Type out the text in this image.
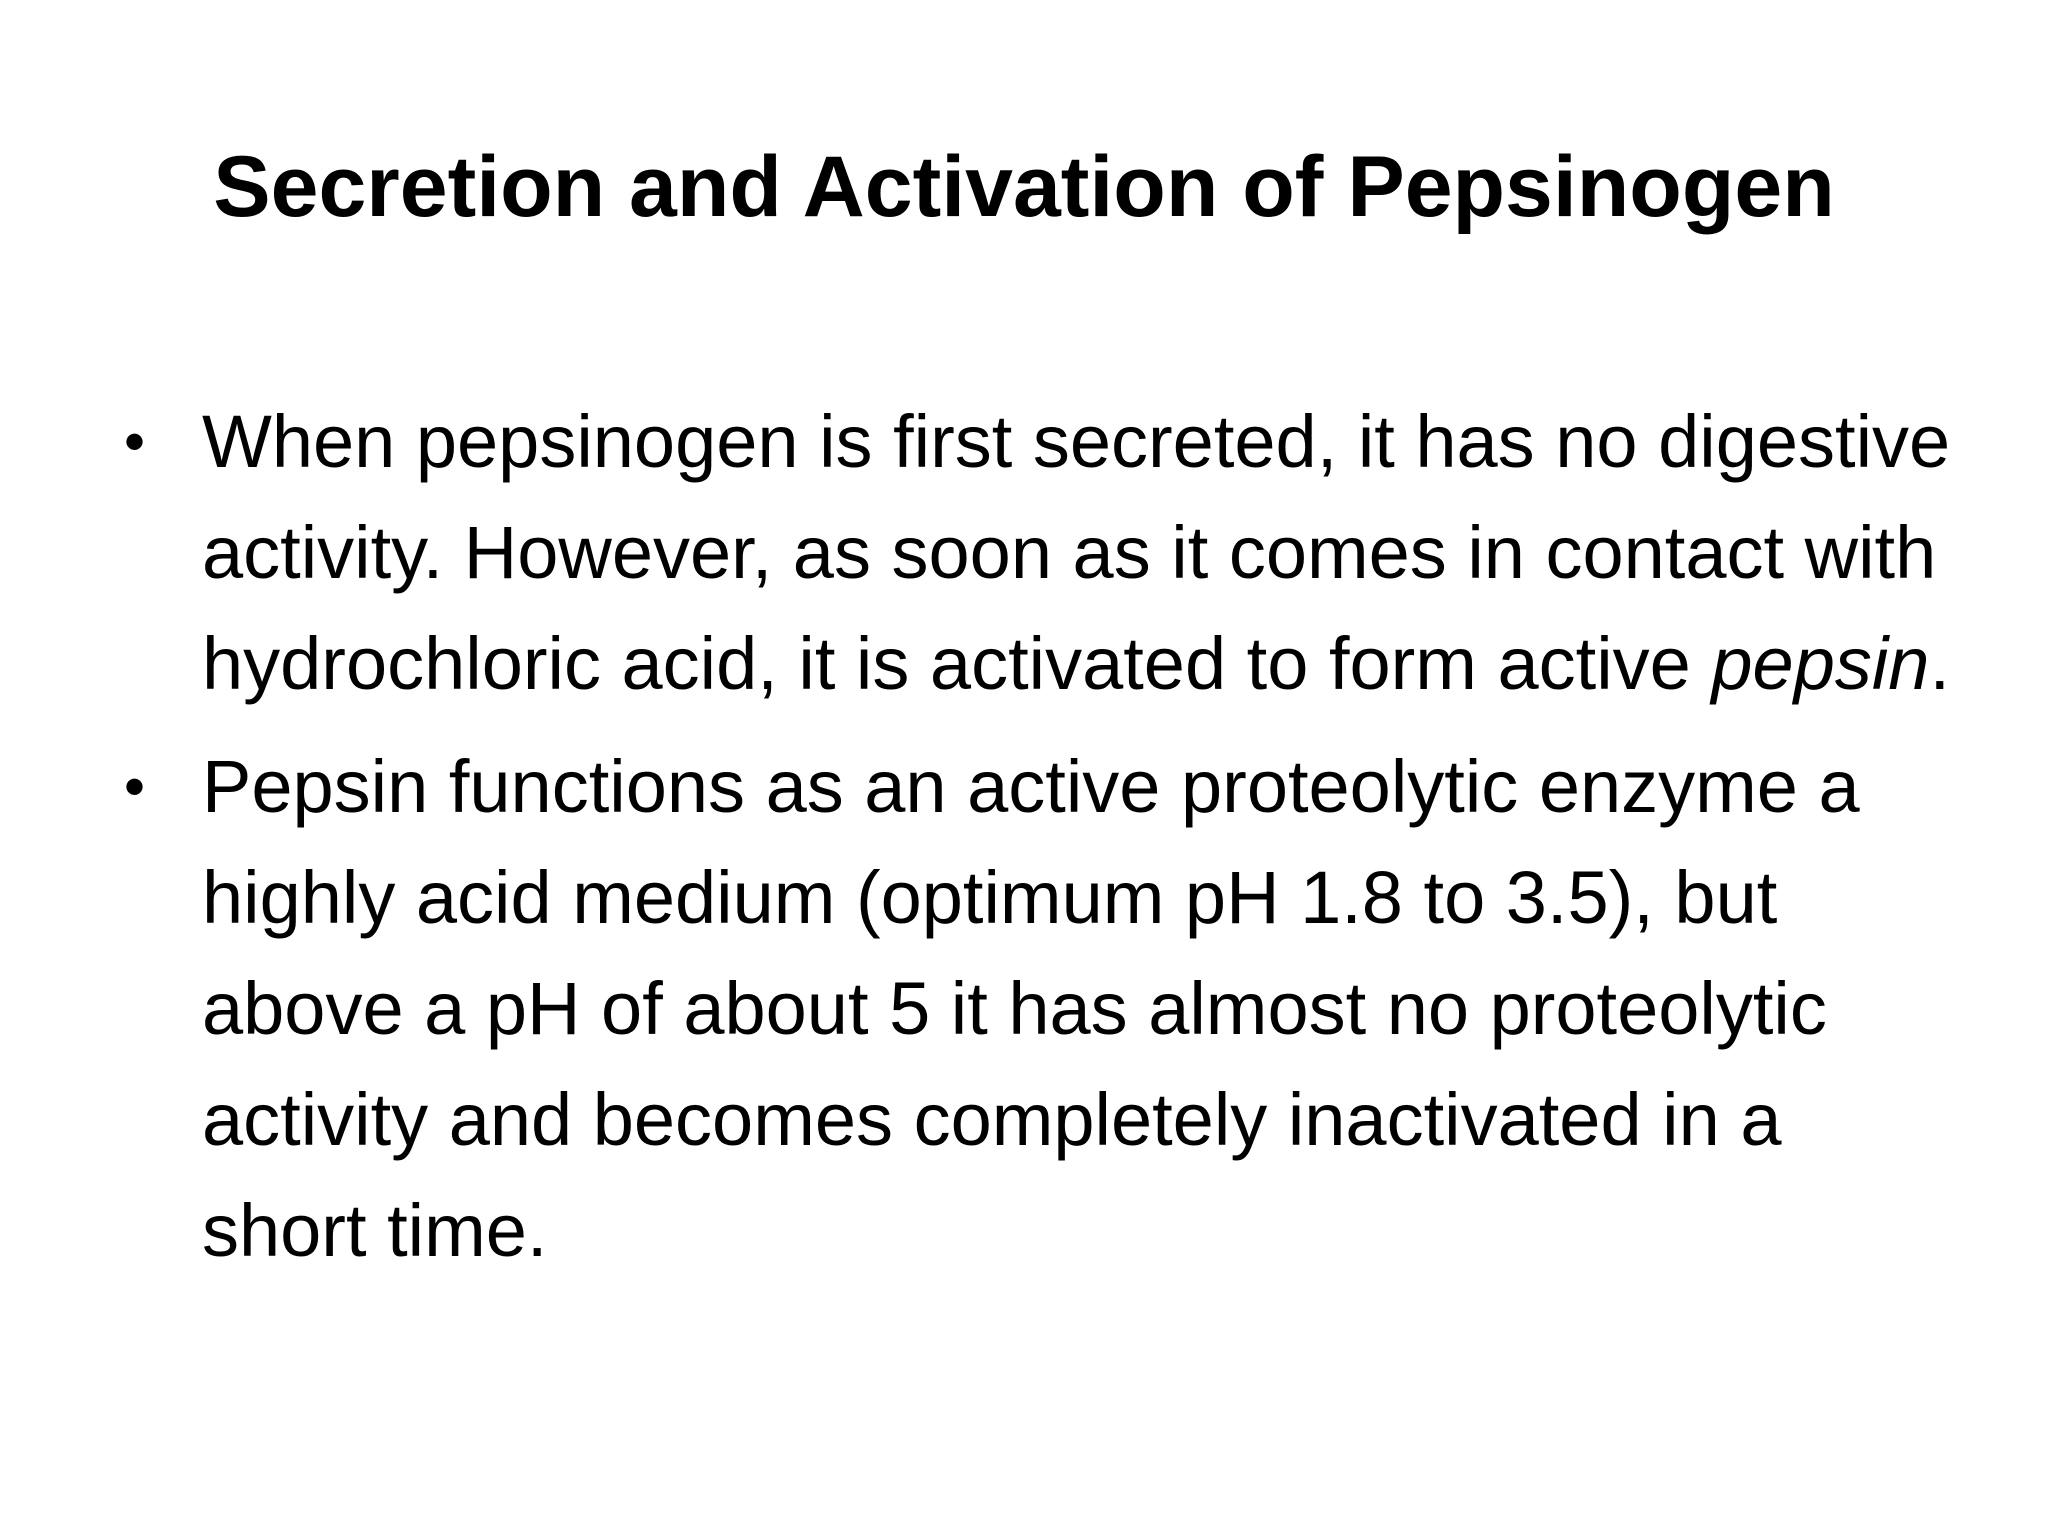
Secretion and Activation of Pepsinogen
• When pepsinogen is first secreted, it has no digestive activity. However, as soon as it comes in contact with hydrochloric acid, it is activated to form active pepsin.
• Pepsin functions as an active proteolytic enzyme a highly acid medium (optimum pH 1.8 to 3.5), but above a pH of about 5 it has almost no proteolytic activity and becomes completely inactivated in a short time.
